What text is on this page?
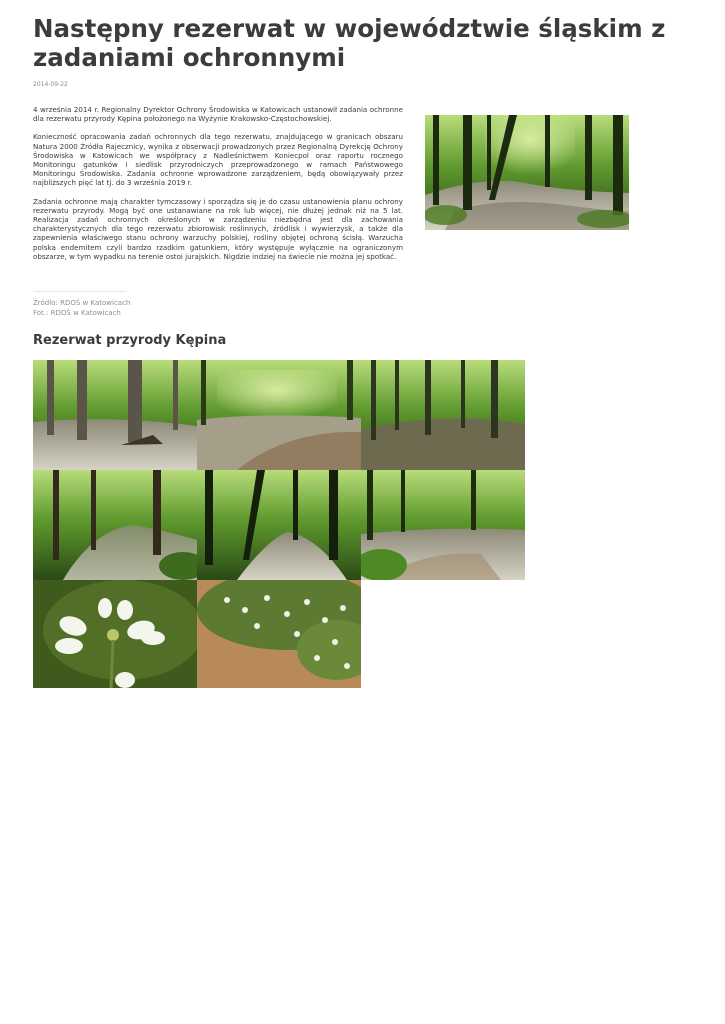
Następny rezerwat w województwie śląskim z zadaniami ochronnymi
2014-09-22

4 września 2014 r. Regionalny Dyrektor Ochrony Środowiska w Katowicach ustanowił zadania ochronne dla rezerwatu przyrody Kępina położonego na Wyżynie Krakowsko-Częstochowskiej.

Konieczność opracowania zadań ochronnych dla tego rezerwatu, znajdującego w granicach obszaru Natura 2000 Źródła Rajecznicy, wynika z obserwacji prowadzonych przez Regionalną Dyrekcję Ochrony Środowiska w Katowicach we współpracy z Nadleśnictwem Koniecpol oraz raportu rocznego Monitoringu gatunków i siedlisk przyrodniczych przeprowadzonego w ramach Państwowego Monitoringu Środowiska. Zadania ochronne wprowadzone zarządzeniem, będą obowiązywały przez najbliższych pięć lat tj. do 3 września 2019 r.

Zadania ochronne mają charakter tymczasowy i sporządza się je do czasu ustanowienia planu ochrony rezerwatu przyrody. Mogą być one ustanawiane na rok lub więcej, nie dłużej jednak niż na 5 lat. Realizacja zadań ochronnych określonych w zarządzeniu niezbędna jest dla zachowania charakterystycznych dla tego rezerwatu zbiorowisk roślinnych, źródlisk i wywierzysk, a także dla zapewnienia właściwego stanu ochrony warzuchy polskiej, rośliny objętej ochroną ścisłą. Warzucha polska endemitem czyli bardzo rzadkim gatunkiem, który występuje wyłącznie na ograniczonym obszarze, w tym wypadku na terenie ostoi jurajskich. Nigdzie indziej na świecie nie można jej spotkać.

……………………………………………
Źródło: RDOŚ w Katowicach
Fot.: RDOŚ w Katowicach
Rezerwat przyrody Kępina
